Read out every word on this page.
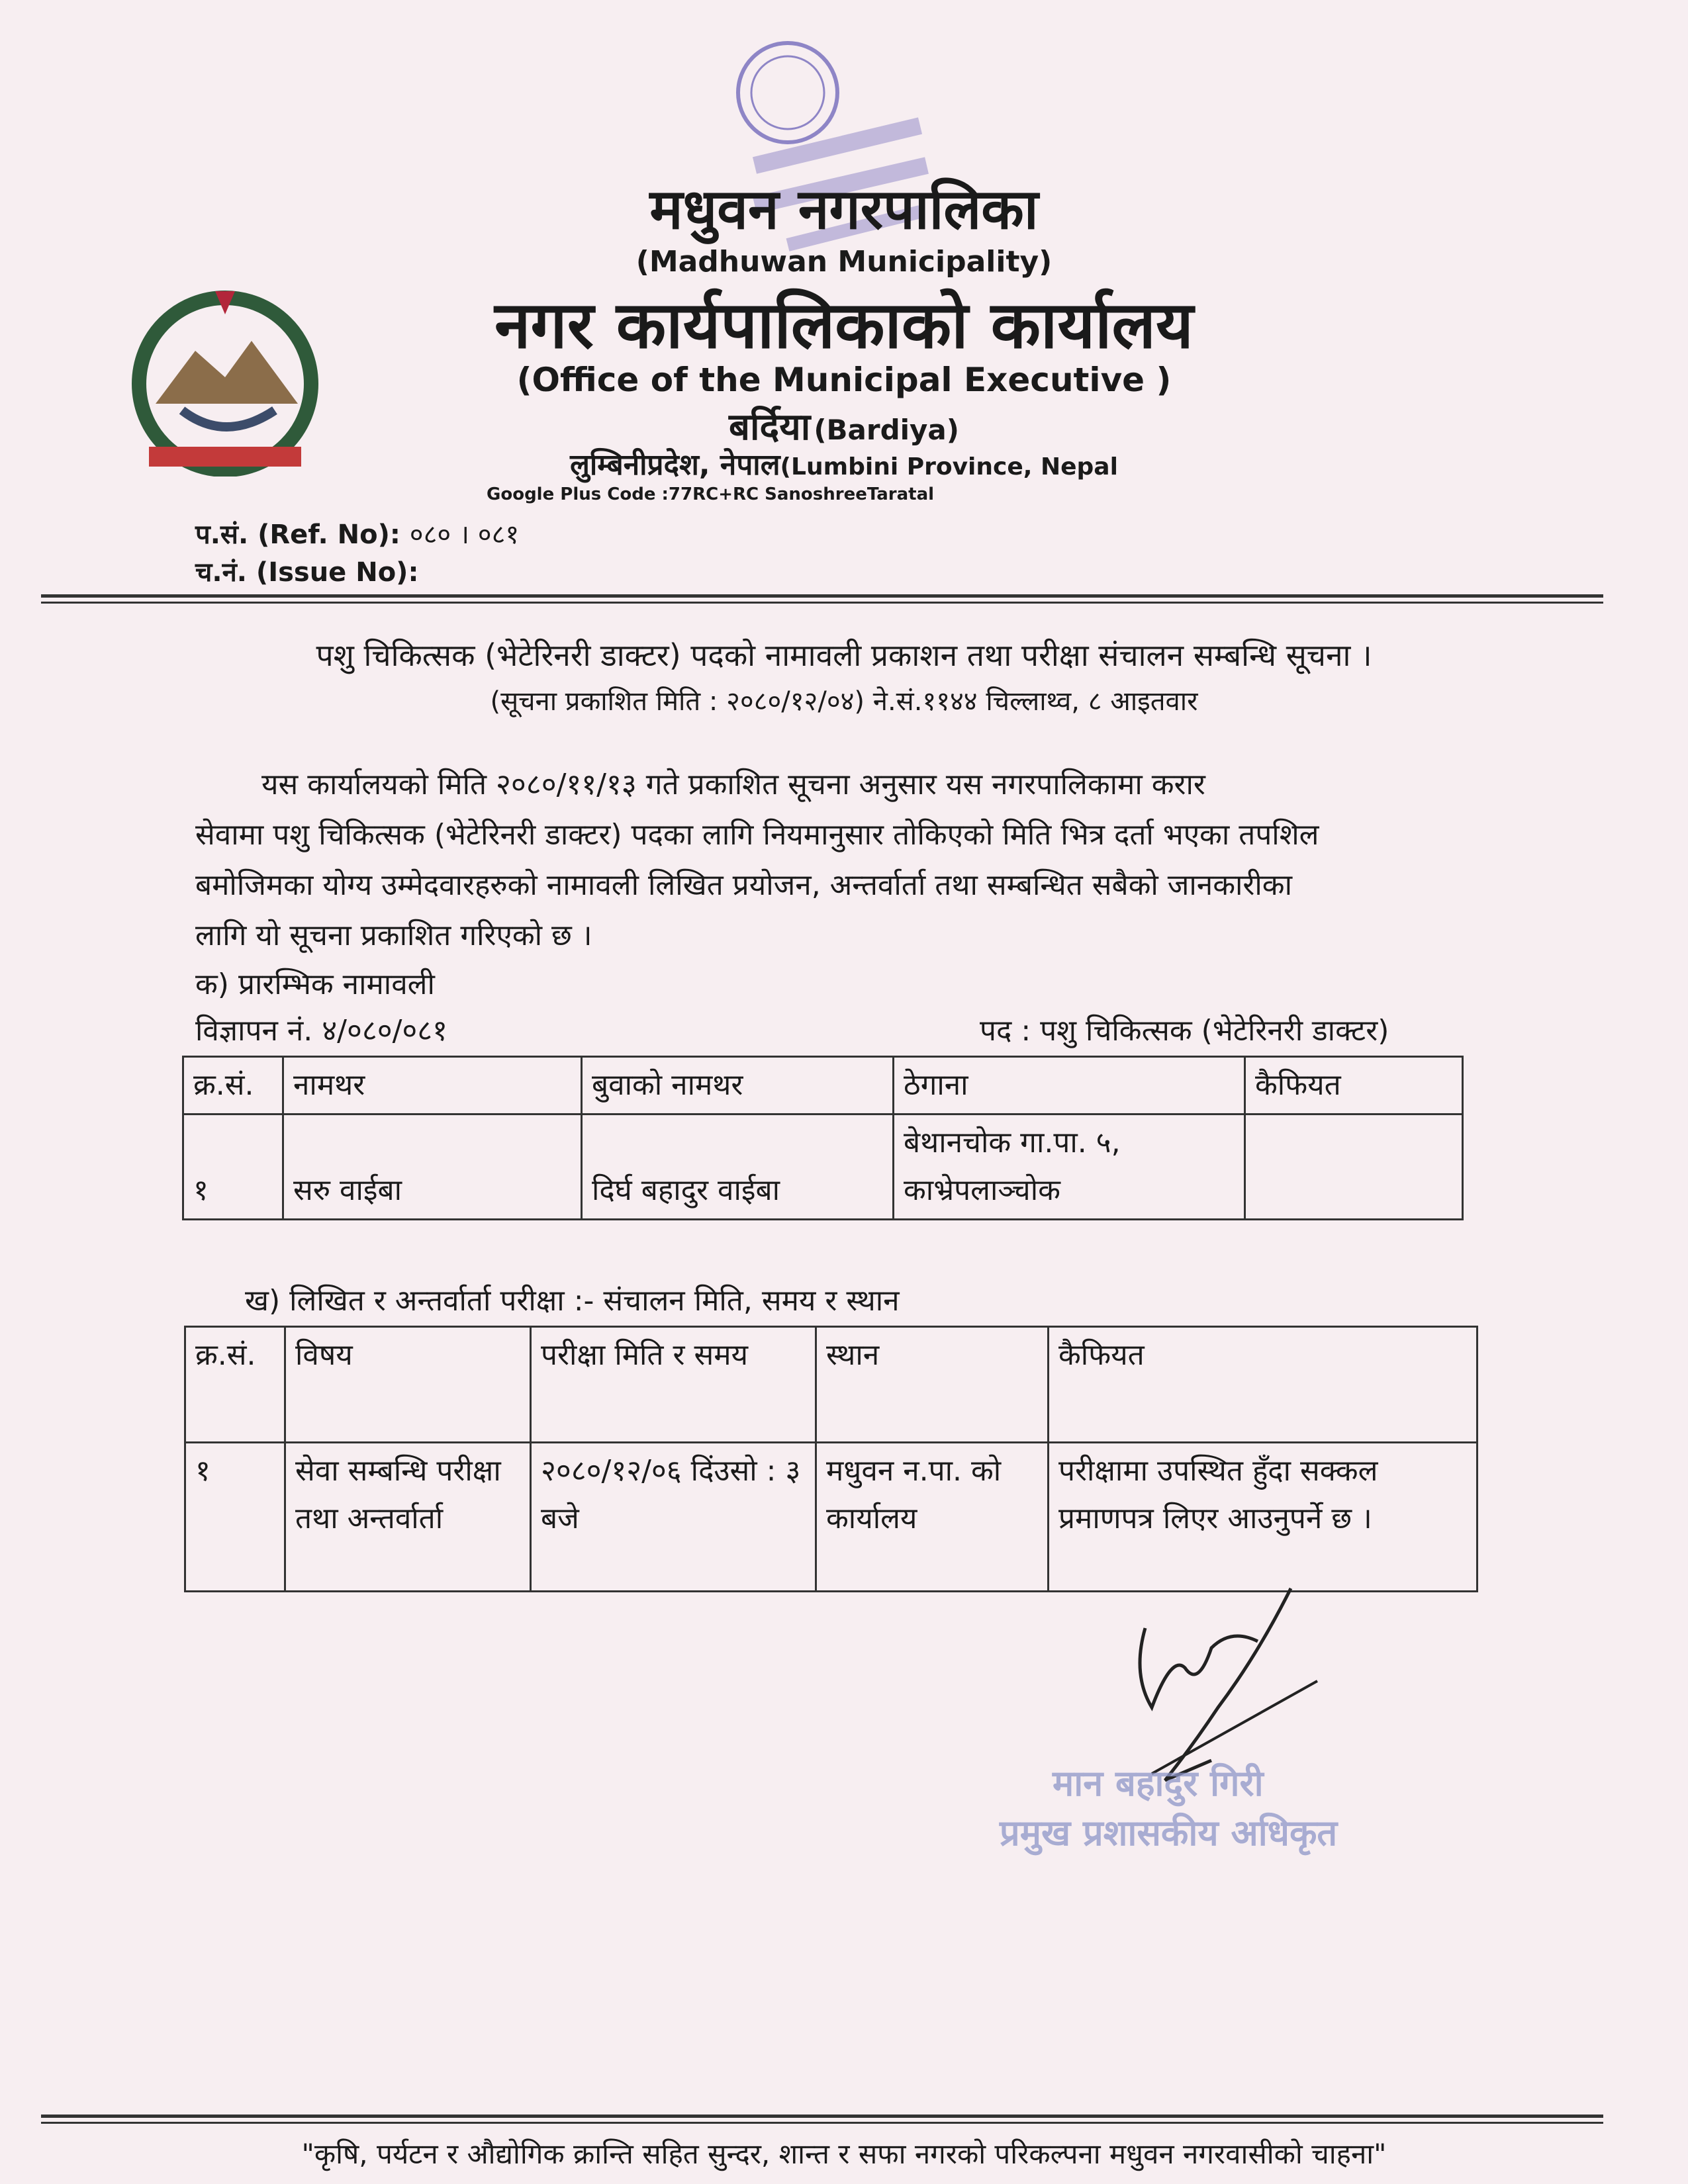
मधुवन नगरपालिका
(Madhuwan Municipality)
नगर कार्यपालिकाको कार्यालय
(Office of the Municipal Executive )
बर्दिया (Bardiya)
लुम्बिनीप्रदेश, नेपाल(Lumbini Province, Nepal
Google Plus Code :77RC+RC SanoshreeTaratal
प.सं. (Ref. No): ०८० । ०८१
च.नं. (Issue No):
पशु चिकित्सक (भेटेरिनरी डाक्टर) पदको नामावली प्रकाशन तथा परीक्षा संचालन सम्बन्धि सूचना ।
(सूचना प्रकाशित मिति : २०८०/१२/०४) ने.सं.११४४ चिल्लाथ्व, ८ आइतवार
यस कार्यालयको मिति २०८०/११/१३ गते प्रकाशित सूचना अनुसार यस नगरपालिकामा करार
सेवामा पशु चिकित्सक (भेटेरिनरी डाक्टर) पदका लागि नियमानुसार तोकिएको मिति भित्र दर्ता भएका तपशिल
बमोजिमका योग्य उम्मेदवारहरुको नामावली लिखित प्रयोजन, अन्तर्वार्ता तथा सम्बन्धित सबैको जानकारीका
लागि यो सूचना प्रकाशित गरिएको छ ।
क) प्रारम्भिक नामावली
विज्ञापन नं. ४/०८०/०८१	पद : पशु चिकित्सक (भेटेरिनरी डाक्टर)
क्र.सं.	नामथर	बुवाको नामथर	ठेगाना	कैफियत
१	सरु वाईबा	दिर्घ बहादुर वाईबा	बेथानचोक गा.पा. ५, काभ्रेपलाञ्चोक	
ख) लिखित र अन्तर्वार्ता परीक्षा :- संचालन मिति, समय र स्थान
क्र.सं.	विषय	परीक्षा मिति र समय	स्थान	कैफियत
१	सेवा सम्बन्धि परीक्षा तथा अन्तर्वार्ता	२०८०/१२/०६ दिंउसो : ३ बजे	मधुवन न.पा. को कार्यालय	परीक्षामा उपस्थित हुँदा सक्कल प्रमाणपत्र लिएर आउनुपर्ने छ ।
मान बहादुर गिरी
प्रमुख प्रशासकीय अधिकृत
"कृषि, पर्यटन र औद्योगिक क्रान्ति सहित सुन्दर, शान्त र सफा नगरको परिकल्पना मधुवन नगरवासीको चाहना"
